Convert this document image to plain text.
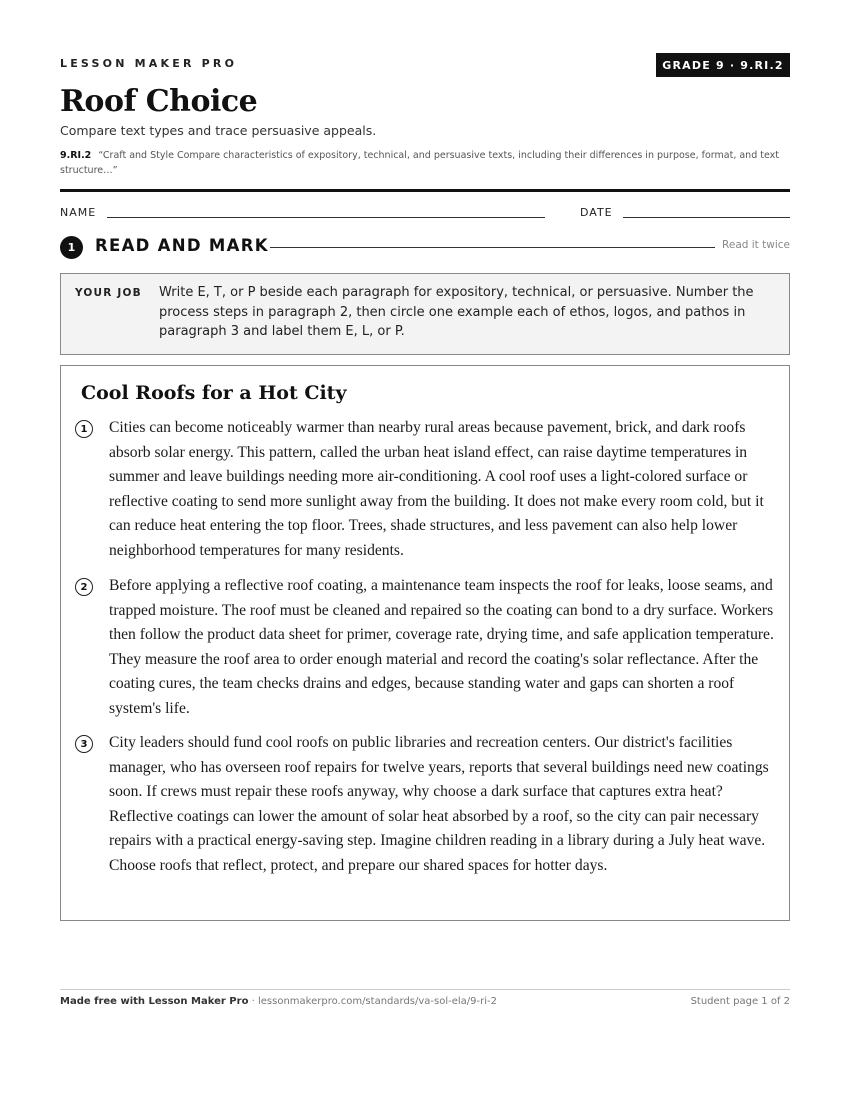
LESSON MAKER PRO	GRADE 9 · 9.RI.2
Roof Choice
Compare text types and trace persuasive appeals.
9.RI.2 “Craft and Style Compare characteristics of expository, technical, and persuasive texts, including their differences in purpose, format, and text structure…”
NAME	DATE
1	READ AND MARK	Read it twice
YOUR JOB Write E, T, or P beside each paragraph for expository, technical, or persuasive. Number the process steps in paragraph 2, then circle one example each of ethos, logos, and pathos in paragraph 3 and label them E, L, or P.
Cool Roofs for a Hot City
1	Cities can become noticeably warmer than nearby rural areas because pavement, brick, and dark roofs absorb solar energy. This pattern, called the urban heat island effect, can raise daytime temperatures in summer and leave buildings needing more air-conditioning. A cool roof uses a light-colored surface or reflective coating to send more sunlight away from the building. It does not make every room cold, but it can reduce heat entering the top floor. Trees, shade structures, and less pavement can also help lower neighborhood temperatures for many residents.

2	Before applying a reflective roof coating, a maintenance team inspects the roof for leaks, loose seams, and trapped moisture. The roof must be cleaned and repaired so the coating can bond to a dry surface. Workers then follow the product data sheet for primer, coverage rate, drying time, and safe application temperature. They measure the roof area to order enough material and record the coating's solar reflectance. After the coating cures, the team checks drains and edges, because standing water and gaps can shorten a roof system's life.

3	City leaders should fund cool roofs on public libraries and recreation centers. Our district's facilities manager, who has overseen roof repairs for twelve years, reports that several buildings need new coatings soon. If crews must repair these roofs anyway, why choose a dark surface that captures extra heat? Reflective coatings can lower the amount of solar heat absorbed by a roof, so the city can pair necessary repairs with a practical energy-saving step. Imagine children reading in a library during a July heat wave. Choose roofs that reflect, protect, and prepare our shared spaces for hotter days.

Made free with Lesson Maker Pro · lessonmakerpro.com/standards/va-sol-ela/9-ri-2	Student page 1 of 2
